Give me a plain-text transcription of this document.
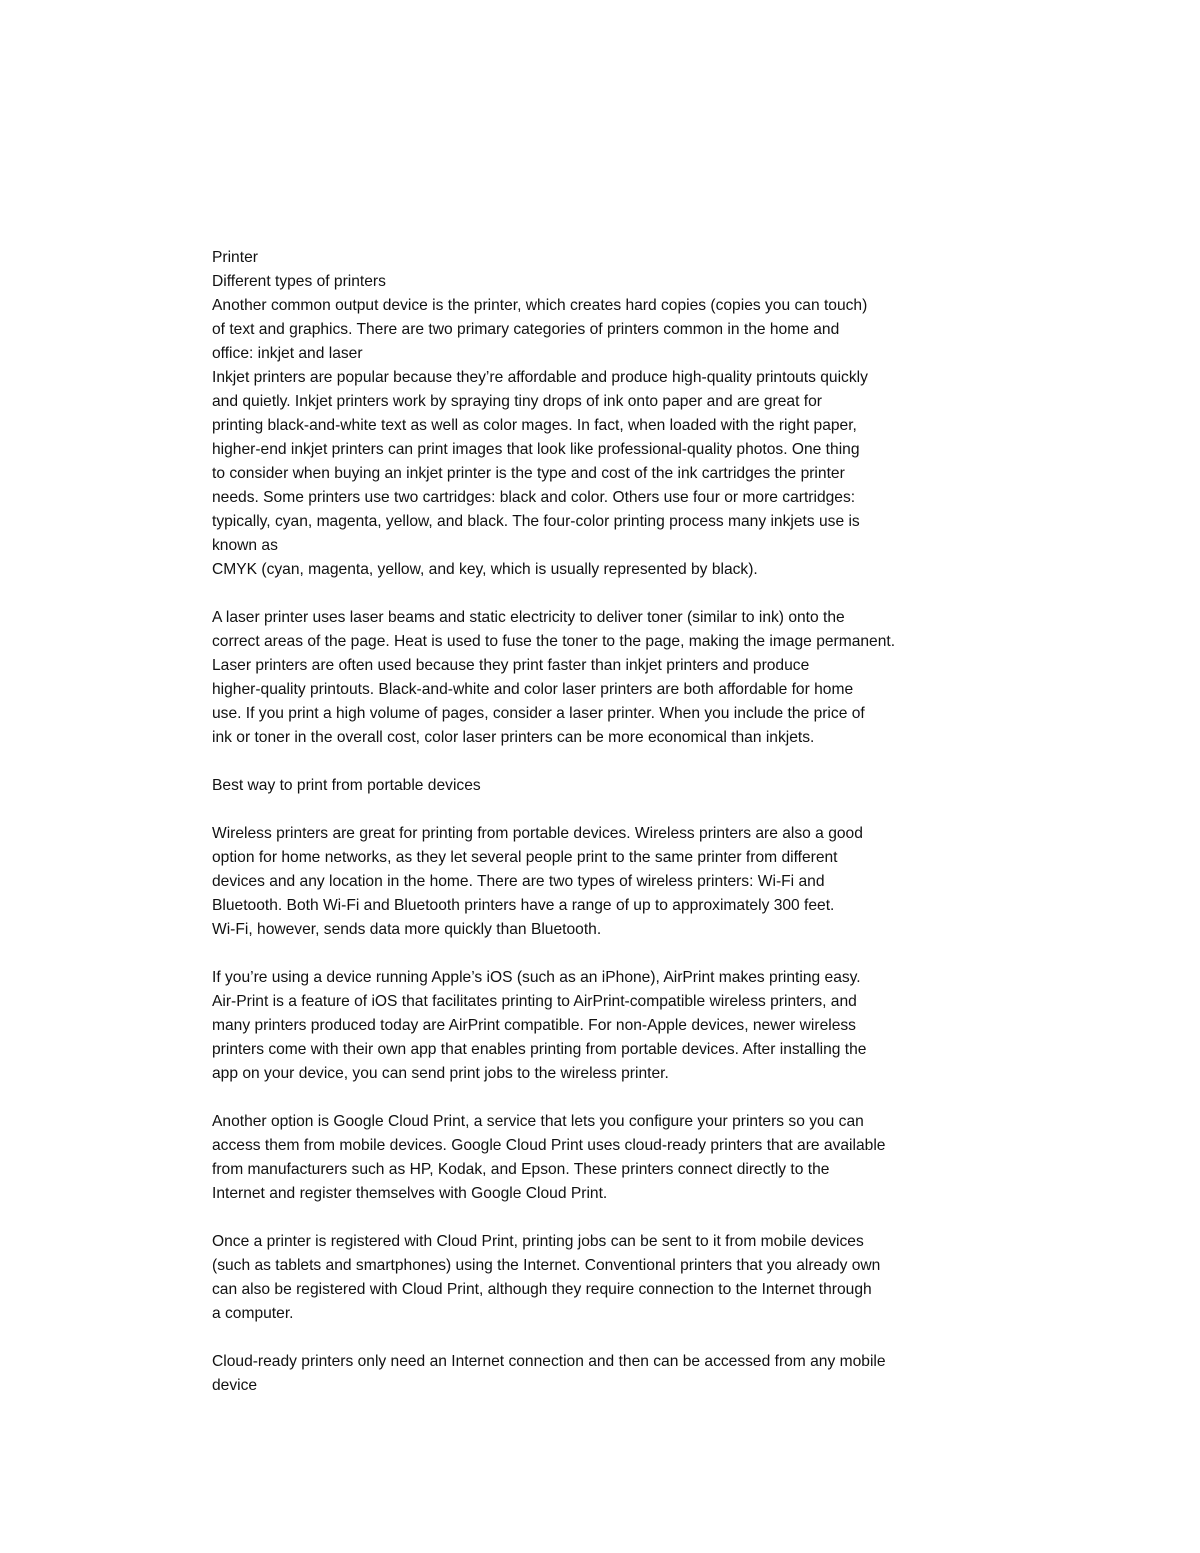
Printer
Different types of printers
Another common output device is the printer, which creates hard copies (copies you can touch)
of text and graphics. There are two primary categories of printers common in the home and
office: inkjet and laser
Inkjet printers are popular because they’re affordable and produce high-quality printouts quickly
and quietly. Inkjet printers work by spraying tiny drops of ink onto paper and are great for
printing black-and-white text as well as color mages. In fact, when loaded with the right paper,
higher-end inkjet printers can print images that look like professional-quality photos. One thing
to consider when buying an inkjet printer is the type and cost of the ink cartridges the printer
needs. Some printers use two cartridges: black and color. Others use four or more cartridges:
typically, cyan, magenta, yellow, and black. The four-color printing process many inkjets use is
known as
CMYK (cyan, magenta, yellow, and key, which is usually represented by black).
A laser printer uses laser beams and static electricity to deliver toner (similar to ink) onto the
correct areas of the page. Heat is used to fuse the toner to the page, making the image permanent.
Laser printers are often used because they print faster than inkjet printers and produce
higher-quality printouts. Black-and-white and color laser printers are both affordable for home
use. If you print a high volume of pages, consider a laser printer. When you include the price of
ink or toner in the overall cost, color laser printers can be more economical than inkjets.
Best way to print from portable devices
Wireless printers are great for printing from portable devices. Wireless printers are also a good
option for home networks, as they let several people print to the same printer from different
devices and any location in the home. There are two types of wireless printers: Wi-Fi and
Bluetooth. Both Wi-Fi and Bluetooth printers have a range of up to approximately 300 feet.
Wi-Fi, however, sends data more quickly than Bluetooth.
If you’re using a device running Apple’s iOS (such as an iPhone), AirPrint makes printing easy.
Air-Print is a feature of iOS that facilitates printing to AirPrint-compatible wireless printers, and
many printers produced today are AirPrint compatible. For non-Apple devices, newer wireless
printers come with their own app that enables printing from portable devices. After installing the
app on your device, you can send print jobs to the wireless printer.
Another option is Google Cloud Print, a service that lets you configure your printers so you can
access them from mobile devices. Google Cloud Print uses cloud-ready printers that are available
from manufacturers such as HP, Kodak, and Epson. These printers connect directly to the
Internet and register themselves with Google Cloud Print.
Once a printer is registered with Cloud Print, printing jobs can be sent to it from mobile devices
(such as tablets and smartphones) using the Internet. Conventional printers that you already own
can also be registered with Cloud Print, although they require connection to the Internet through
a computer.
Cloud-ready printers only need an Internet connection and then can be accessed from any mobile
device
